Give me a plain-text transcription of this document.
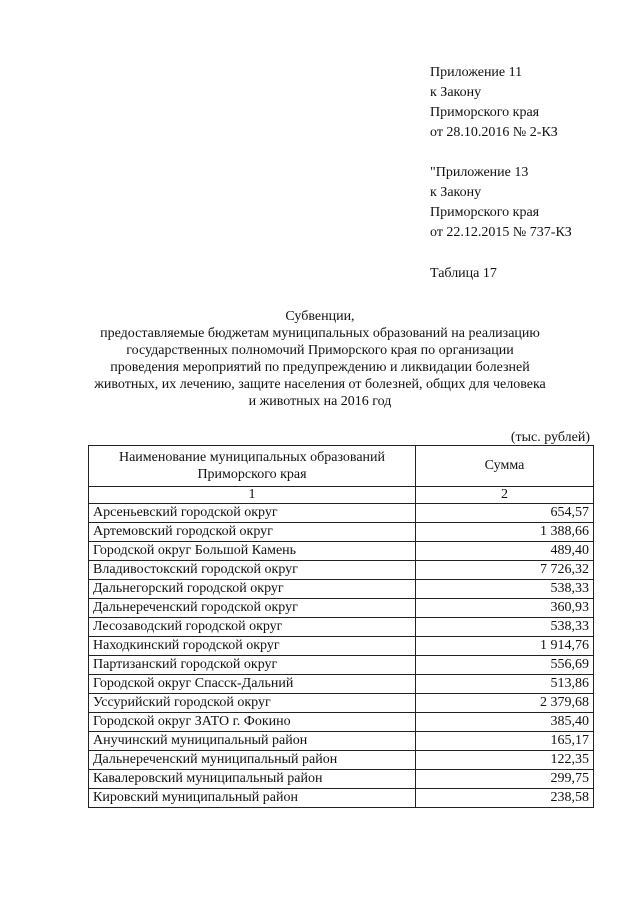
Приложение 11
к Закону
Приморского края
от 28.10.2016 № 2-КЗ
"Приложение 13
к Закону
Приморского края
от 22.12.2015 № 737-КЗ
Таблица 17
Субвенции,
предоставляемые бюджетам муниципальных образований на реализацию
государственных полномочий Приморского края по организации
проведения мероприятий по предупреждению и ликвидации болезней
животных, их лечению, защите населения от болезней, общих для человека
и животных на 2016 год
(тыс. рублей)
Наименование муниципальных образований Приморского края	Сумма
1	2
Арсеньевский городской округ	654,57
Артемовский городской округ	1 388,66
Городской округ Большой Камень	489,40
Владивостокский городской округ	7 726,32
Дальнегорский городской округ	538,33
Дальнереченский городской округ	360,93
Лесозаводский городской округ	538,33
Находкинский городской округ	1 914,76
Партизанский городской округ	556,69
Городской округ Спасск-Дальний	513,86
Уссурийский городской округ	2 379,68
Городской округ ЗАТО г. Фокино	385,40
Анучинский муниципальный район	165,17
Дальнереченский муниципальный район	122,35
Кавалеровский муниципальный район	299,75
Кировский муниципальный район	238,58
